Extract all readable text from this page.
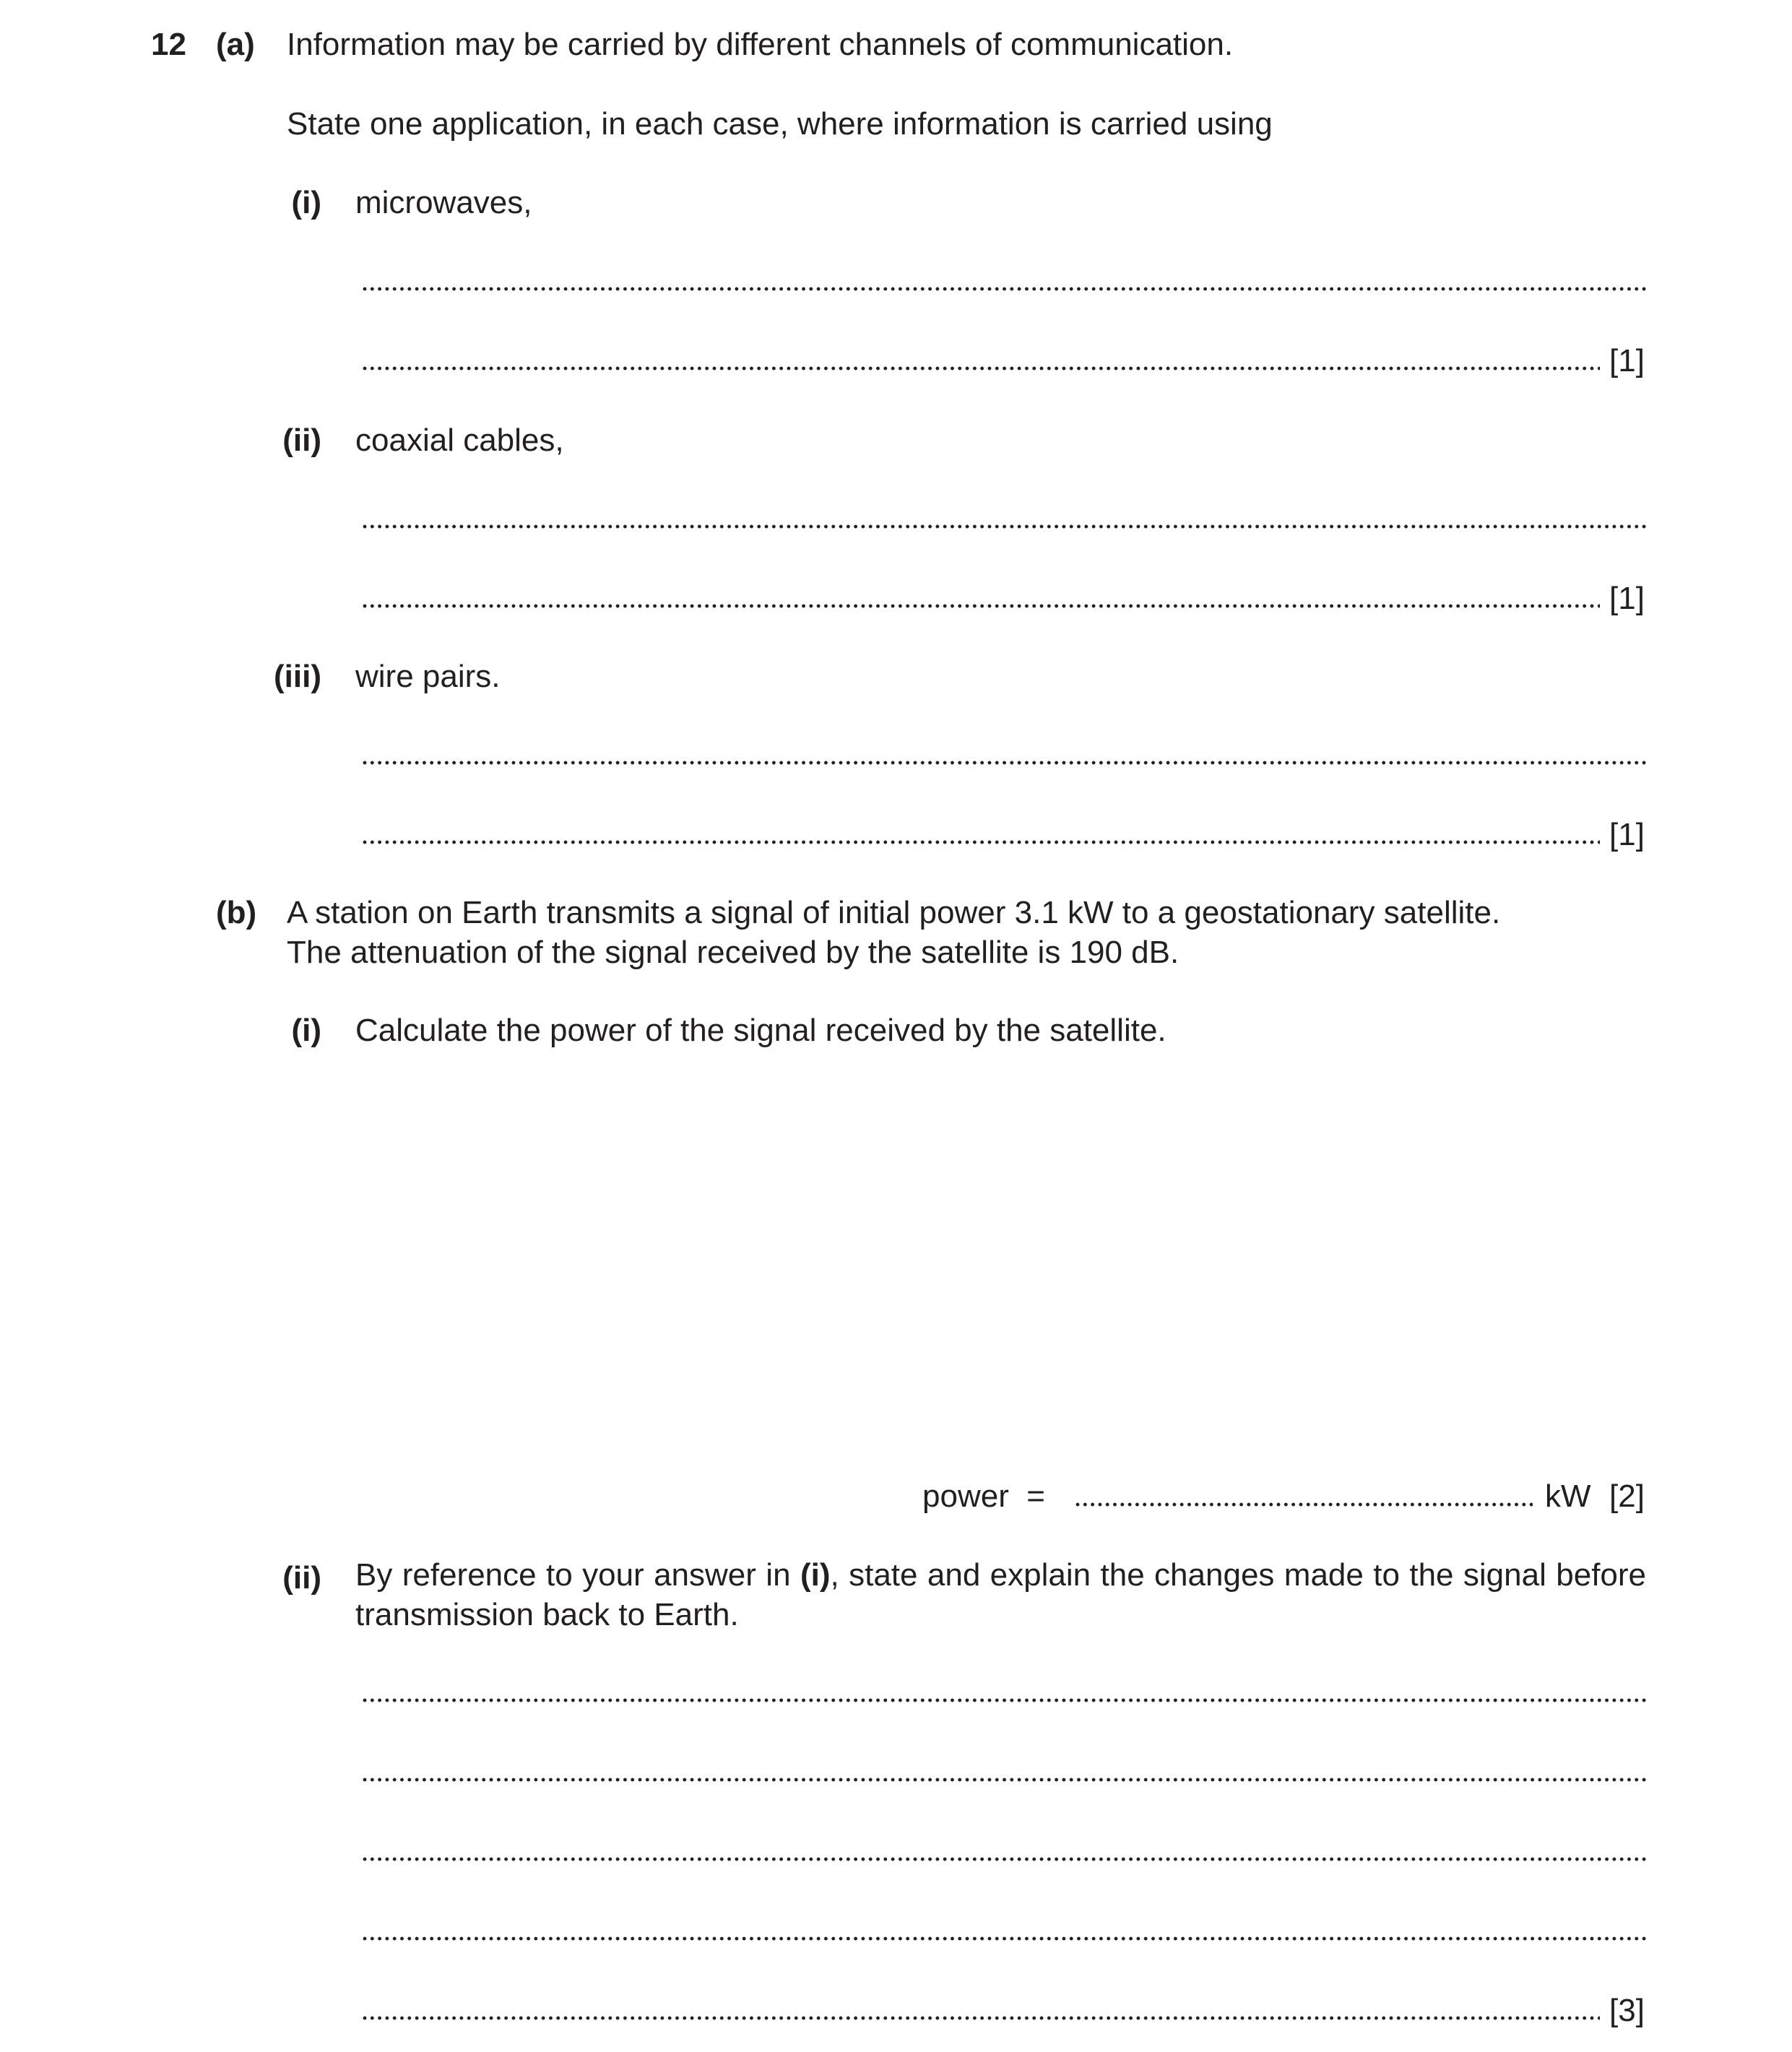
12 (a) Information may be carried by different channels of communication.
State one application, in each case, where information is carried using
(i) microwaves,
[1]
(ii) coaxial cables,
[1]
(iii) wire pairs.
[1]
(b) A station on Earth transmits a signal of initial power 3.1 kW to a geostationary satellite.
The attenuation of the signal received by the satellite is 190 dB.
(i) Calculate the power of the signal received by the satellite.
power  =	kW [2]
(ii) By reference to your answer in (i), state and explain the changes made to the signal before transmission back to Earth.
[3]
